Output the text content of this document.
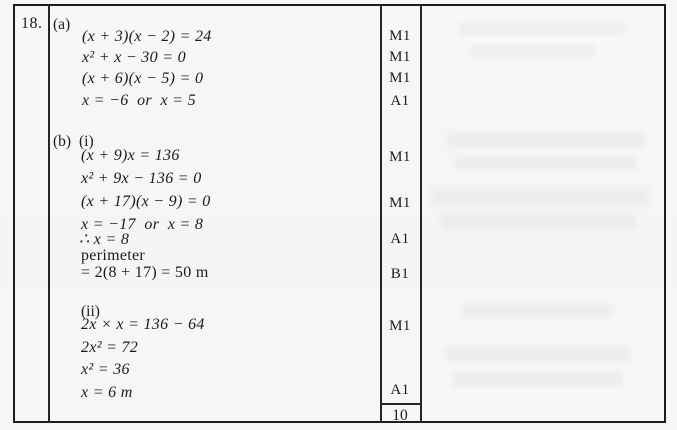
18. (a)
(x + 3)(x − 2) = 24
x² + x − 30 = 0
(x + 6)(x − 5) = 0
x = −6  or  x = 5
M1
M1
M1
A1
(b) (i)
(x + 9)x = 136
x² + 9x − 136 = 0
(x + 17)(x − 9) = 0
x = −17  or  x = 8
∴ x = 8
perimeter
= 2(8 + 17) = 50 m
M1
M1
A1
B1
(ii)
2x × x = 136 − 64
2x² = 72
x² = 36
x = 6 m
M1
A1
10
